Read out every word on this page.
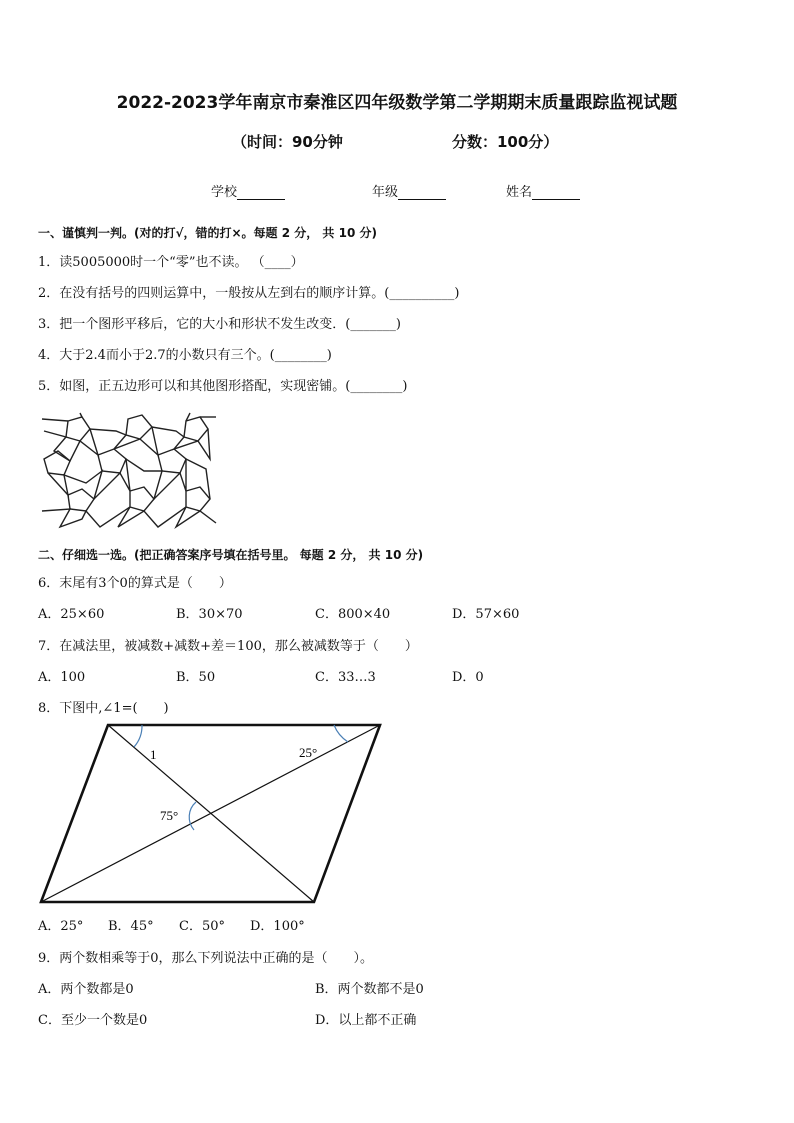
2022-2023学年南京市秦淮区四年级数学第二学期期末质量跟踪监视试题
（时间：90分钟	分数：100分）
学校	年级	姓名
一、谨慎判一判。(对的打√，错的打×。每题 2 分， 共 10 分)
1．读5005000时一个“零”也不读。 （____）
2．在没有括号的四则运算中，一般按从左到右的顺序计算。(__________)
3．把一个图形平移后，它的大小和形状不发生改变．(_______)
4．大于2.4而小于2.7的小数只有三个。(________)
5．如图，正五边形可以和其他图形搭配，实现密铺。(________)
二、仔细选一选。(把正确答案序号填在括号里。 每题 2 分， 共 10 分)
6．末尾有3个0的算式是（　　）
A．25×60	B．30×70	C．800×40	D．57×60
7．在减法里，被减数+减数+差＝100，那么被减数等于（　　）
A．100	B．50	C．33…3	D．0
8．下图中,∠1=(　　)
1	25°
75°
A．25° B．45° C．50° D．100°
9．两个数相乘等于0，那么下列说法中正确的是（　　）。
A．两个数都是0	B．两个数都不是0
C．至少一个数是0	D．以上都不正确
